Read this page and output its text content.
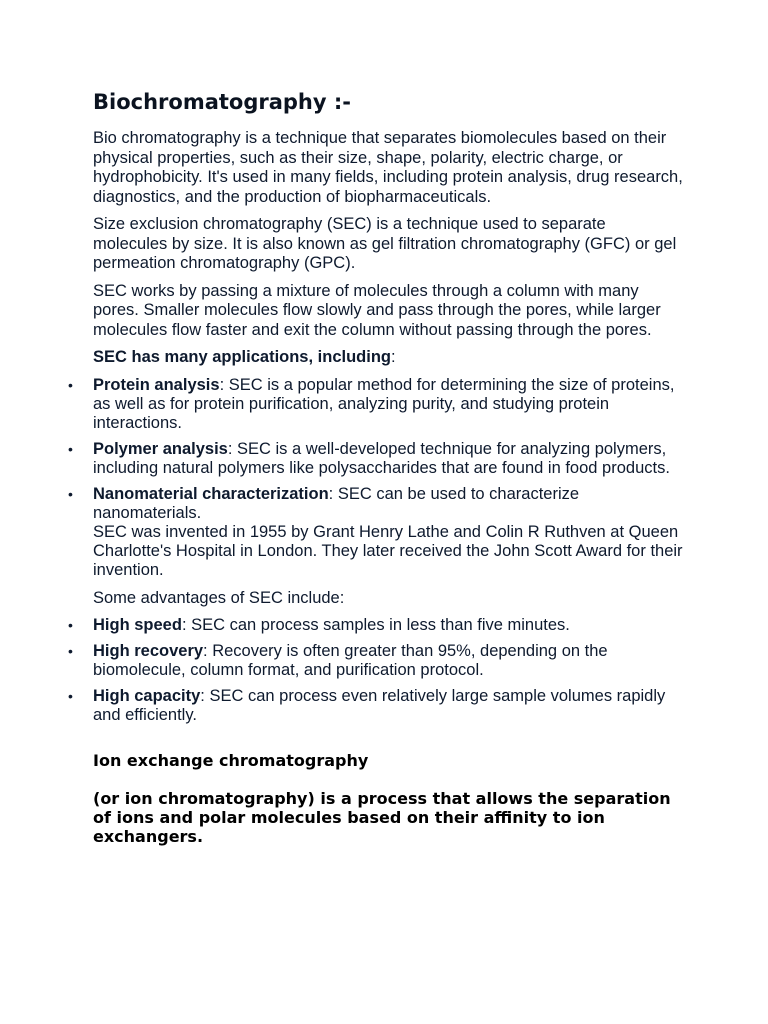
Biochromatography :-

Bio chromatography is a technique that separates biomolecules based on their physical properties, such as their size, shape, polarity, electric charge, or hydrophobicity. It's used in many fields, including protein analysis, drug research, diagnostics, and the production of biopharmaceuticals.

Size exclusion chromatography (SEC) is a technique used to separate molecules by size. It is also known as gel filtration chromatography (GFC) or gel permeation chromatography (GPC).

SEC works by passing a mixture of molecules through a column with many pores. Smaller molecules flow slowly and pass through the pores, while larger molecules flow faster and exit the column without passing through the pores.

SEC has many applications, including:

• Protein analysis: SEC is a popular method for determining the size of proteins, as well as for protein purification, analyzing purity, and studying protein interactions.
• Polymer analysis: SEC is a well-developed technique for analyzing polymers, including natural polymers like polysaccharides that are found in food products.
• Nanomaterial characterization: SEC can be used to characterize nanomaterials.
SEC was invented in 1955 by Grant Henry Lathe and Colin R Ruthven at Queen Charlotte's Hospital in London. They later received the John Scott Award for their invention.

Some advantages of SEC include:

• High speed: SEC can process samples in less than five minutes.
• High recovery: Recovery is often greater than 95%, depending on the biomolecule, column format, and purification protocol.
• High capacity: SEC can process even relatively large sample volumes rapidly and efficiently.

Ion exchange chromatography

(or ion chromatography) is a process that allows the separation of ions and polar molecules based on their affinity to ion exchangers.
